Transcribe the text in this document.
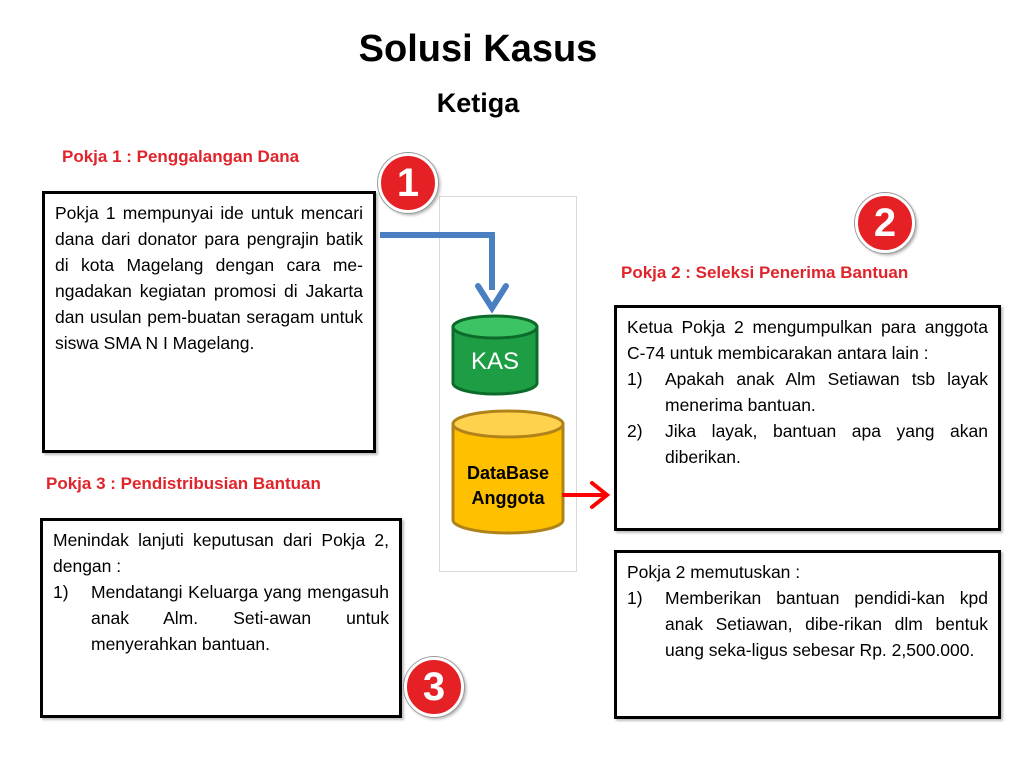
Solusi Kasus
Ketiga
Pokja 1 : Penggalangan Dana

Pokja 1 mempunyai ide untuk mencari dana dari donator para pengrajin batik di kota Magelang dengan cara me-ngadakan kegiatan promosi di Jakarta dan usulan pem-buatan seragam untuk siswa SMA N I Magelang.

Pokja 2 : Seleksi Penerima Bantuan

Ketua Pokja 2 mengumpulkan para anggota C-74 untuk membicarakan antara lain :

1)	Apakah anak Alm Setiawan tsb layak menerima bantuan.
2)	Jika layak, bantuan apa yang akan diberikan.

Pokja 2 memutuskan :

1)	Memberikan bantuan pendidi-kan kpd anak Setiawan, dibe-rikan dlm bentuk uang seka-ligus sebesar Rp. 2,500.000.
Pokja 3 : Pendistribusian Bantuan

Menindak lanjuti keputusan dari Pokja 2, dengan :

1)	Mendatangi Keluarga yang mengasuh anak Alm. Seti-awan untuk menyerahkan bantuan.
KAS
DataBase
Anggota
1
2
3
